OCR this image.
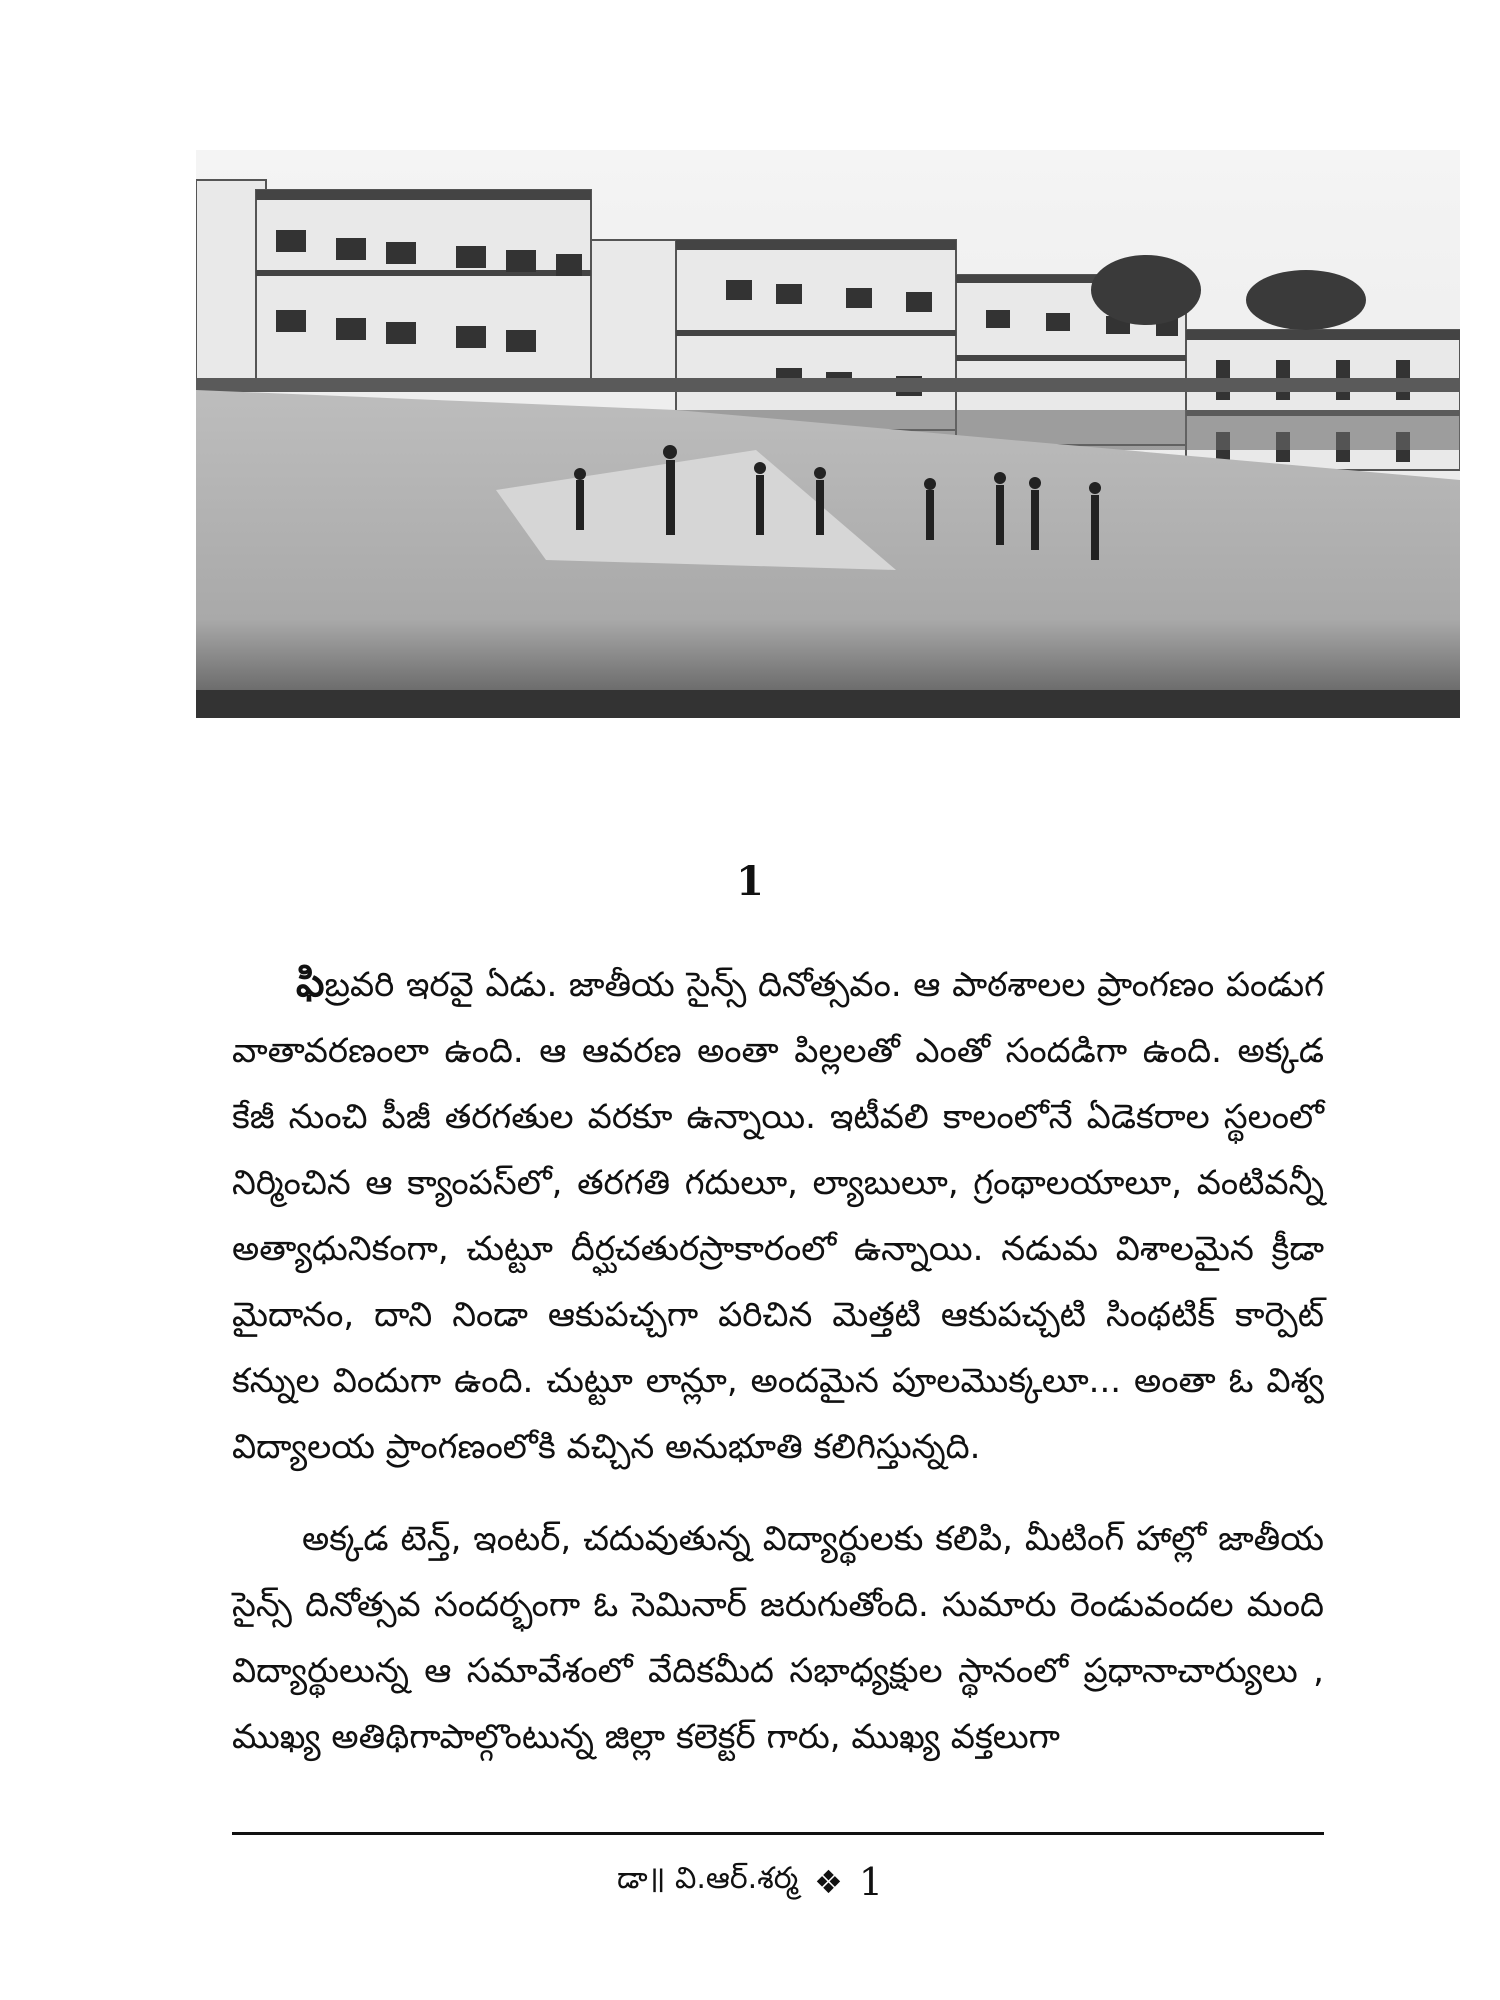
1

ఫిబ్రవరి ఇరవై ఏడు. జాతీయ సైన్స్ దినోత్సవం. ఆ పాఠశాలల ప్రాంగణం పండుగ వాతావరణంలా ఉంది. ఆ ఆవరణ అంతా పిల్లలతో ఎంతో సందడిగా ఉంది. అక్కడ కేజీ నుంచి పీజీ తరగతుల వరకూ ఉన్నాయి. ఇటీవలి కాలంలోనే ఏడెకరాల స్థలంలో నిర్మించిన ఆ క్యాంపస్‌లో, తరగతి గదులూ, ల్యాబులూ, గ్రంథాలయాలూ, వంటివన్నీ అత్యాధునికంగా, చుట్టూ దీర్ఘచతురస్రాకారంలో ఉన్నాయి. నడుమ విశాలమైన క్రీడా మైదానం, దాని నిండా ఆకుపచ్చగా పరిచిన మెత్తటి ఆకుపచ్చటి సింథటిక్ కార్పెట్ కన్నుల విందుగా ఉంది. చుట్టూ లాన్లూ, అందమైన పూలమొక్కలూ... అంతా ఓ విశ్వ విద్యాలయ ప్రాంగణంలోకి వచ్చిన అనుభూతి కలిగిస్తున్నది.

అక్కడ టెన్త్, ఇంటర్, చదువుతున్న విద్యార్థులకు కలిపి, మీటింగ్ హాల్లో జాతీయ సైన్స్ దినోత్సవ సందర్భంగా ఓ సెమినార్ జరుగుతోంది. సుమారు రెండువందల మంది విద్యార్థులున్న ఆ సమావేశంలో వేదికమీద సభాధ్యక్షుల స్థానంలో ప్రధానాచార్యులు , ముఖ్య అతిథిగాపాల్గొంటున్న జిల్లా కలెక్టర్ గారు, ముఖ్య వక్తలుగా

డా॥ వి.ఆర్.శర్మ ❖ 1
